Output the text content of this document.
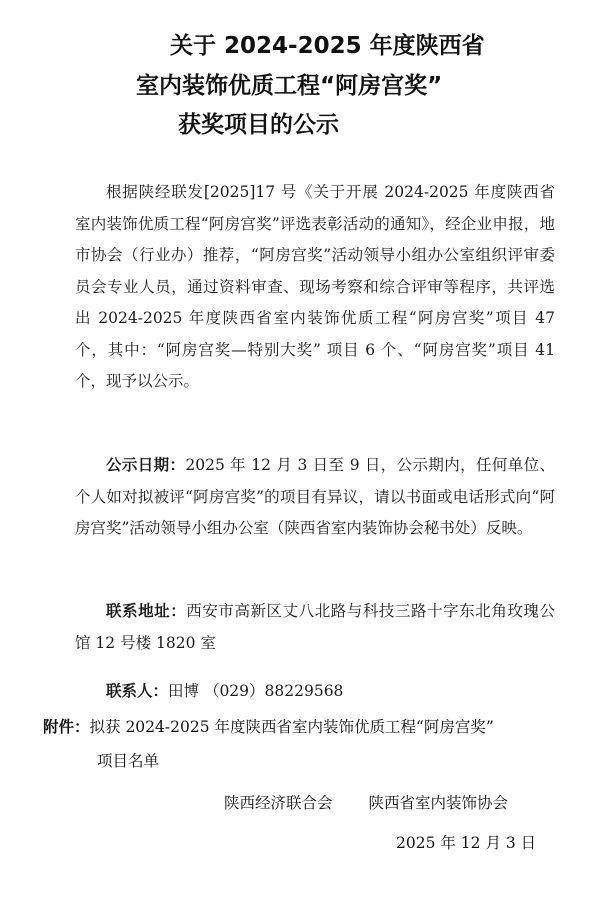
关于 2024-2025 年度陕西省
室内装饰优质工程“阿房宫奖”
获奖项目的公示
根据陕经联发[2025]17 号《关于开展 2024-2025 年度陕西省室内装饰优质工程“阿房宫奖”评选表彰活动的通知》，经企业申报，地市协会（行业办）推荐，“阿房宫奖”活动领导小组办公室组织评审委员会专业人员，通过资料审查、现场考察和综合评审等程序，共评选出 2024-2025 年度陕西省室内装饰优质工程“阿房宫奖”项目 47 个，其中：“阿房宫奖—特别大奖” 项目 6 个、“阿房宫奖”项目 41 个，现予以公示。
公示日期：2025 年 12 月 3 日至 9 日，公示期内，任何单位、个人如对拟被评“阿房宫奖”的项目有异议，请以书面或电话形式向“阿房宫奖”活动领导小组办公室（陕西省室内装饰协会秘书处）反映。
联系地址：西安市高新区丈八北路与科技三路十字东北角玫瑰公馆 12 号楼 1820 室
联系人：田博 （029）88229568
附件：拟获 2024-2025 年度陕西省室内装饰优质工程“阿房宫奖”
项目名单
陕西经济联合会 陕西省室内装饰协会
2025 年 12 月 3 日
